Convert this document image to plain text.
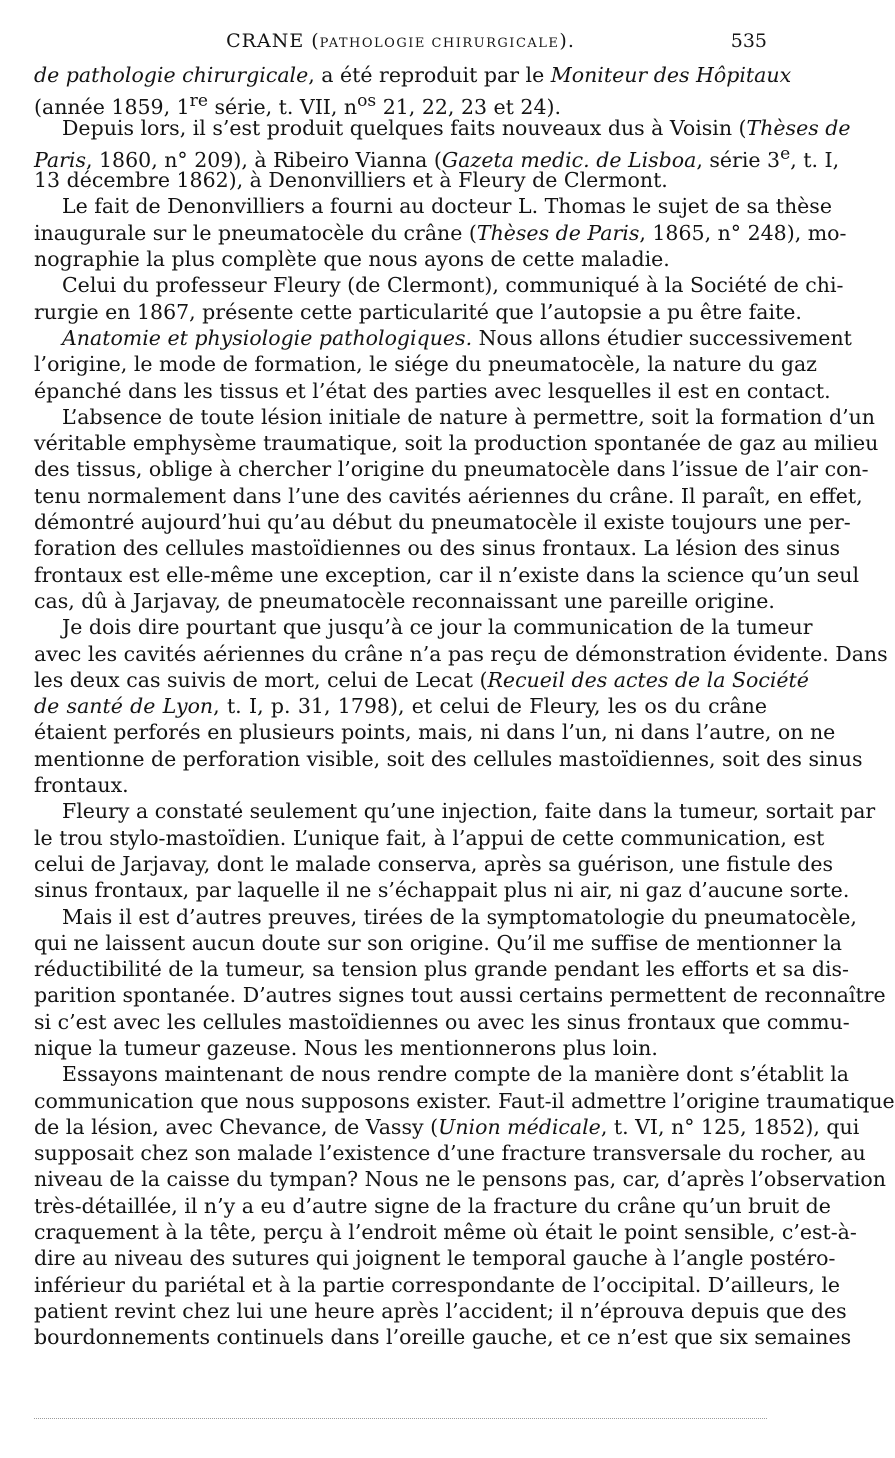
CRANE (PATHOLOGIE CHIRURGICALE).	535
de pathologie chirurgicale, a été reproduit par le Moniteur des Hôpitaux
(année 1859, 1re série, t. VII, $n^{os}$ 21, 22, 23 et 24).
Depuis lors, il s’est produit quelques faits nouveaux dus à Voisin (Thèses de
Paris, 1860, n° 209), à Ribeiro Vianna (Gazeta medic. de Lisboa, série 3e, t. I,
13 décembre 1862), à Denonvilliers et à Fleury de Clermont.
Le fait de Denonvilliers a fourni au docteur L. Thomas le sujet de sa thèse
inaugurale sur le pneumatocèle du crâne (Thèses de Paris, 1865, n° 248), mo-
nographie la plus complète que nous ayons de cette maladie.
Celui du professeur Fleury (de Clermont), communiqué à la Société de chi-
rurgie en 1867, présente cette particularité que l’autopsie a pu être faite.
Anatomie et physiologie pathologiques. Nous allons étudier successivement
l’origine, le mode de formation, le siége du pneumatocèle, la nature du gaz
épanché dans les tissus et l’état des parties avec lesquelles il est en contact.
L’absence de toute lésion initiale de nature à permettre, soit la formation d’un
véritable emphysème traumatique, soit la production spontanée de gaz au milieu
des tissus, oblige à chercher l’origine du pneumatocèle dans l’issue de l’air con-
tenu normalement dans l’une des cavités aériennes du crâne. Il paraît, en effet,
démontré aujourd’hui qu’au début du pneumatocèle il existe toujours une per-
foration des cellules mastoïdiennes ou des sinus frontaux. La lésion des sinus
frontaux est elle-même une exception, car il n’existe dans la science qu’un seul
cas, dû à Jarjavay, de pneumatocèle reconnaissant une pareille origine.
Je dois dire pourtant que jusqu’à ce jour la communication de la tumeur
avec les cavités aériennes du crâne n’a pas reçu de démonstration évidente. Dans
les deux cas suivis de mort, celui de Lecat (Recueil des actes de la Société
de santé de Lyon, t. I, p. 31, 1798), et celui de Fleury, les os du crâne
étaient perforés en plusieurs points, mais, ni dans l’un, ni dans l’autre, on ne
mentionne de perforation visible, soit des cellules mastoïdiennes, soit des sinus
frontaux.
Fleury a constaté seulement qu’une injection, faite dans la tumeur, sortait par
le trou stylo-mastoïdien. L’unique fait, à l’appui de cette communication, est
celui de Jarjavay, dont le malade conserva, après sa guérison, une fistule des
sinus frontaux, par laquelle il ne s’échappait plus ni air, ni gaz d’aucune sorte.
Mais il est d’autres preuves, tirées de la symptomatologie du pneumatocèle,
qui ne laissent aucun doute sur son origine. Qu’il me suffise de mentionner la
réductibilité de la tumeur, sa tension plus grande pendant les efforts et sa dis-
parition spontanée. D’autres signes tout aussi certains permettent de reconnaître
si c’est avec les cellules mastoïdiennes ou avec les sinus frontaux que commu-
nique la tumeur gazeuse. Nous les mentionnerons plus loin.
Essayons maintenant de nous rendre compte de la manière dont s’établit la
communication que nous supposons exister. Faut-il admettre l’origine traumatique
de la lésion, avec Chevance, de Vassy (Union médicale, t. VI, n° 125, 1852), qui
supposait chez son malade l’existence d’une fracture transversale du rocher, au
niveau de la caisse du tympan? Nous ne le pensons pas, car, d’après l’observation
très-détaillée, il n’y a eu d’autre signe de la fracture du crâne qu’un bruit de
craquement à la tête, perçu à l’endroit même où était le point sensible, c’est-à-
dire au niveau des sutures qui joignent le temporal gauche à l’angle postéro-
inférieur du pariétal et à la partie correspondante de l’occipital. D’ailleurs, le
patient revint chez lui une heure après l’accident; il n’éprouva depuis que des
bourdonnements continuels dans l’oreille gauche, et ce n’est que six semaines
